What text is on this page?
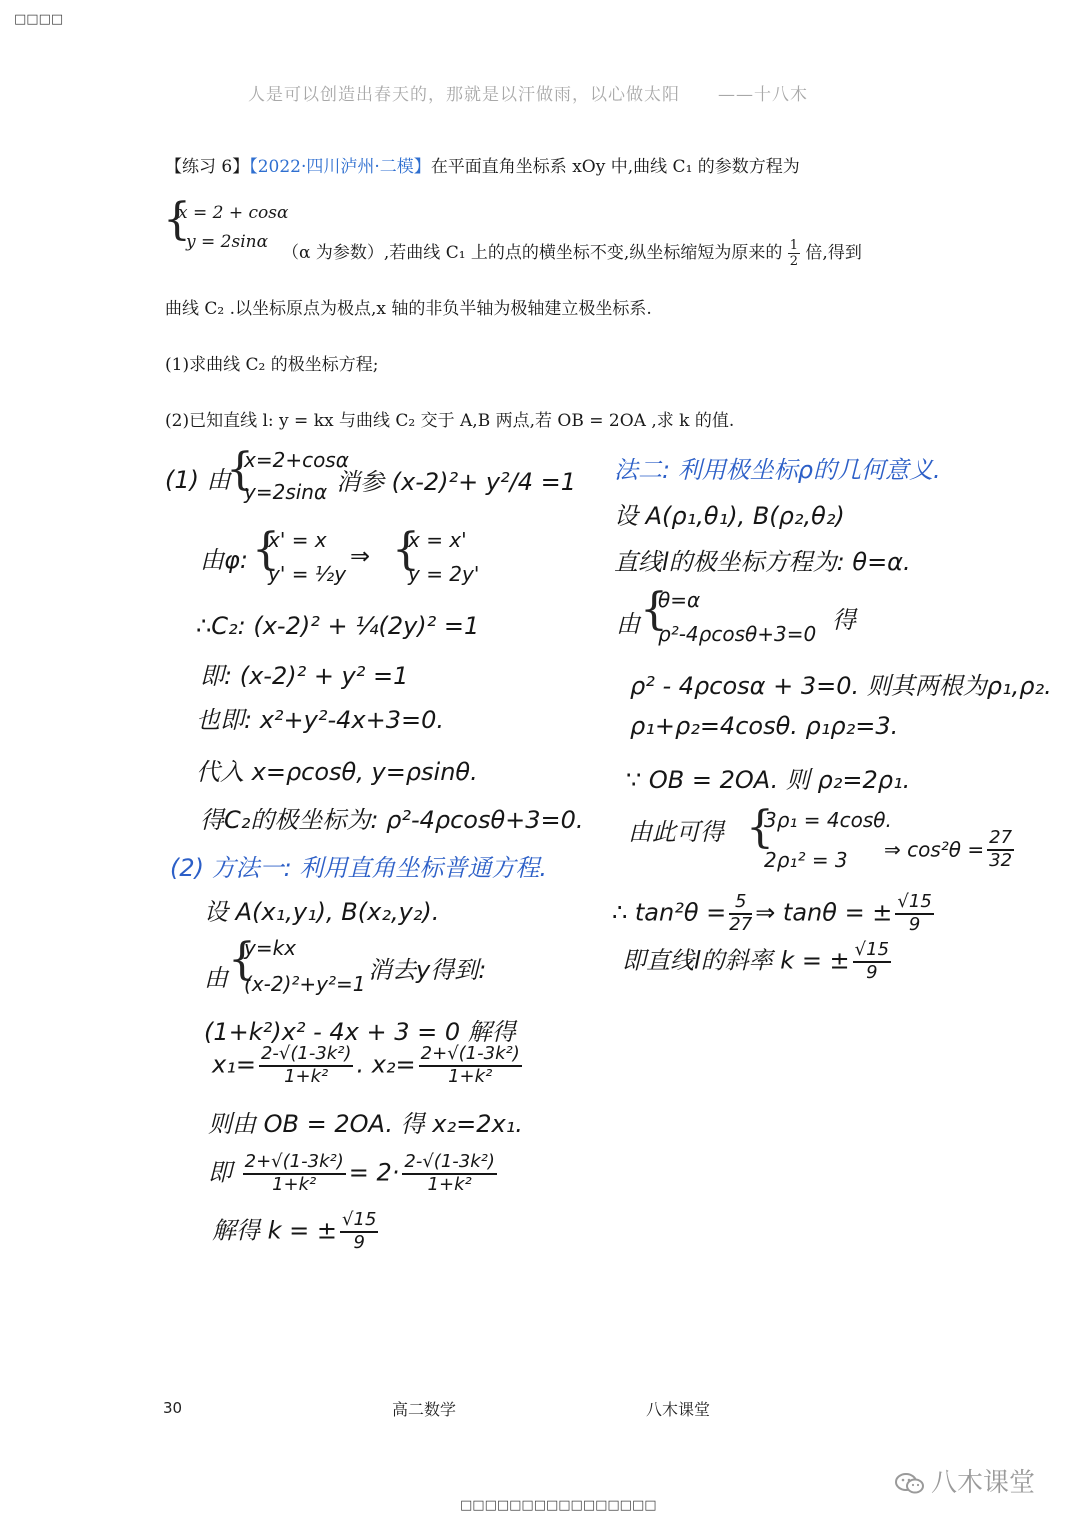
□□□□
人是可以创造出春天的，那就是以汗做雨，以心做太阳 ——十八木
【练习 6】【2022·四川泸州·二模】在平面直角坐标系 xOy 中,曲线 C₁ 的参数方程为
{
x = 2 + cosα
y = 2sinα
（α 为参数）,若曲线 C₁ 上的点的横坐标不变,纵坐标缩短为原来的 $\frac{1}{2}$ 倍,得到
曲线 C₂ .以坐标原点为极点,x 轴的非负半轴为极轴建立极坐标系.
(1)求曲线 C₂ 的极坐标方程;
(2)已知直线 l: y = kx 与曲线 C₂ 交于 A,B 两点,若 OB = 2OA ,求 k 的值.
(1) 由
{
x=2+cosα
y=2sinα 消参 (x-2)²+ y²/4 =1
由φ: {
x' = x
y' = ½y
⇒ {
x = x'
y = 2y'
∴C₂: (x-2)² + ¼(2y)² =1
即: (x-2)² + y² =1
也即: x²+y²-4x+3=0.
代入 x=ρcosθ, y=ρsinθ.
得C₂的极坐标为: ρ²-4ρcosθ+3=0.
(2) 方法一: 利用直角坐标普通方程.
设 A(x₁,y₁), B(x₂,y₂).
由 {
y=kx
(x-2)²+y²=1 消去y得到:
(1+k²)x² - 4x + 3 = 0 解得
$x_1= \frac{\text{2-√(1-3k²)}}{\text{1+k²}}$ . $x_2= \frac{\text{2+√(1-3k²)}}{\text{1+k²}}$
则由 OB = 2OA. 得 x₂=2x₁.
即 $\frac{\text{2+√(1-3k²)}}{\text{1+k²}} = 2\cdot \frac{\text{2-√(1-3k²)}}{\text{1+k²}}$
解得 k = ± $\frac{√15}{9}$
法二: 利用极坐标ρ的几何意义.
设 A(ρ₁,θ₁), B(ρ₂,θ₂)
直线l的极坐标方程为: θ=α.
由 {
θ=α
ρ²-4ρcosθ+3=0 得
ρ² - 4ρcosα + 3=0. 则其两根为ρ₁,ρ₂.
ρ₁+ρ₂=4cosθ. ρ₁ρ₂=3.
∵ OB = 2OA. 则 ρ₂=2ρ₁.
由此可得 {
3ρ₁ = 4cosθ.
2ρ₁² = 3 ⇒ $\cos^2\theta = \frac{27}{32}$
∴ $\tan^2\theta = \frac{5}{27}$ ⇒ tanθ = ± $\frac{√15}{9}$
即直线l的斜率 k = ± $\frac{√15}{9}$
30	高二数学	八木课堂
八木课堂
□□□□□□□□□□□□□□□□
